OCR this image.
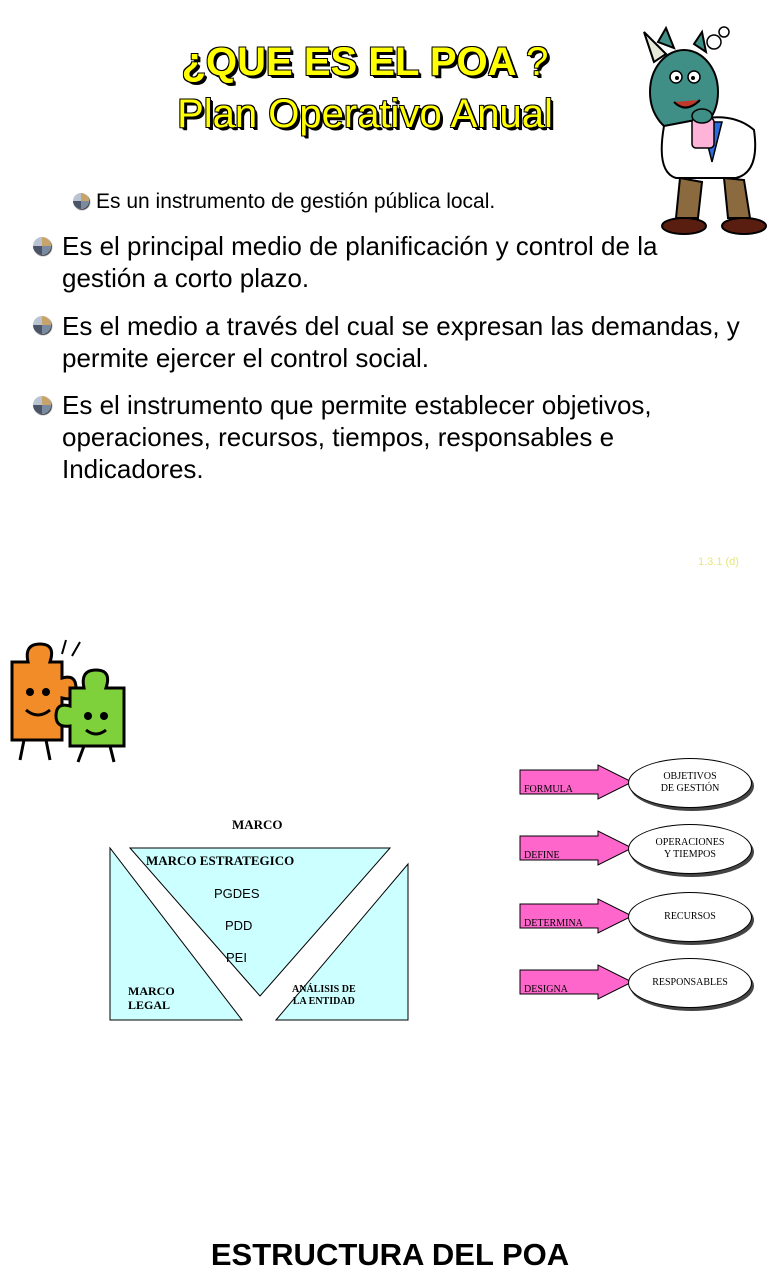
¿QUE ES EL POA ?
Plan Operativo Anual
Es un instrumento de gestión pública local.
Es el principal medio de planificación y control de la gestión a corto plazo.
Es el medio a través del cual se expresan las demandas, y permite ejercer el control social.
Es el instrumento que permite establecer objetivos, operaciones, recursos, tiempos, responsables e Indicadores.
1.3.1 (d)
ESTRUCTURA DEL POA
MARCO
MARCO ESTRATEGICO
PGDES
PDD
PEI
MARCO
LEGAL
ANÁLISIS DE
LA ENTIDAD
FORMULA
OBJETIVOS
DE GESTIÓN
DEFINE
OPERACIONES
Y TIEMPOS
DETERMINA
RECURSOS
DESIGNA
RESPONSABLES
